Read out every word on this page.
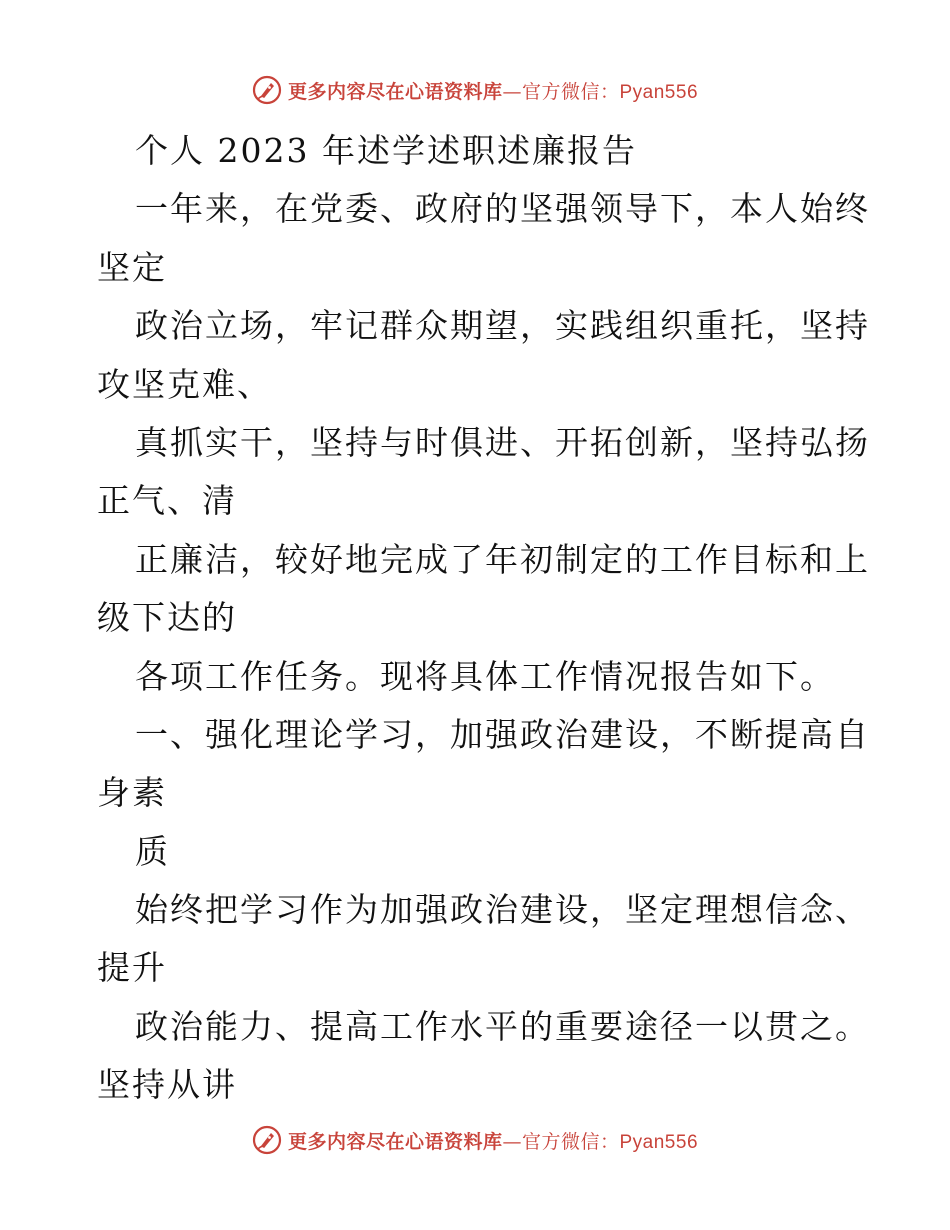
更多内容尽在心语资料库—官方微信：Pyan556
个人 2023 年述学述职述廉报告
一年来，在党委、政府的坚强领导下，本人始终
坚定
政治立场，牢记群众期望，实践组织重托，坚持
攻坚克难、
真抓实干，坚持与时俱进、开拓创新，坚持弘扬
正气、清
正廉洁，较好地完成了年初制定的工作目标和上
级下达的
各项工作任务。现将具体工作情况报告如下。
一、强化理论学习，加强政治建设，不断提高自
身素
质
始终把学习作为加强政治建设，坚定理想信念、
提升
政治能力、提高工作水平的重要途径一以贯之。
坚持从讲
更多内容尽在心语资料库—官方微信：Pyan556
